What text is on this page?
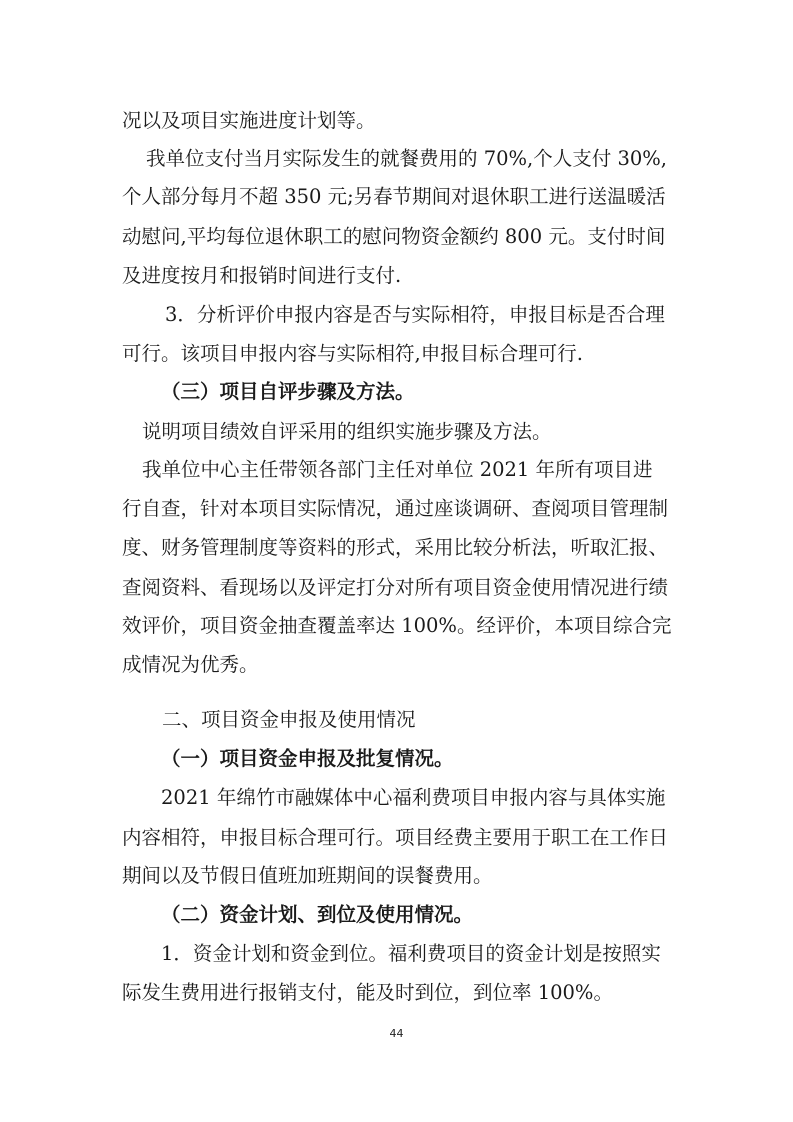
况以及项目实施进度计划等。
我单位支付当月实际发生的就餐费用的 70%,个人支付 30%,
个人部分每月不超 350 元;另春节期间对退休职工进行送温暖活
动慰问,平均每位退休职工的慰问物资金额约 800 元。支付时间
及进度按月和报销时间进行支付.
3．分析评价申报内容是否与实际相符，申报目标是否合理
可行。该项目申报内容与实际相符,申报目标合理可行.
（三）项目自评步骤及方法。
说明项目绩效自评采用的组织实施步骤及方法。
我单位中心主任带领各部门主任对单位 2021 年所有项目进
行自查，针对本项目实际情况，通过座谈调研、查阅项目管理制
度、财务管理制度等资料的形式，采用比较分析法，听取汇报、
查阅资料、看现场以及评定打分对所有项目资金使用情况进行绩
效评价，项目资金抽查覆盖率达 100%。经评价，本项目综合完
成情况为优秀。
二、项目资金申报及使用情况
（一）项目资金申报及批复情况。
2021 年绵竹市融媒体中心福利费项目申报内容与具体实施
内容相符，申报目标合理可行。项目经费主要用于职工在工作日
期间以及节假日值班加班期间的误餐费用。
（二）资金计划、到位及使用情况。
1．资金计划和资金到位。福利费项目的资金计划是按照实
际发生费用进行报销支付，能及时到位，到位率 100%。
44
